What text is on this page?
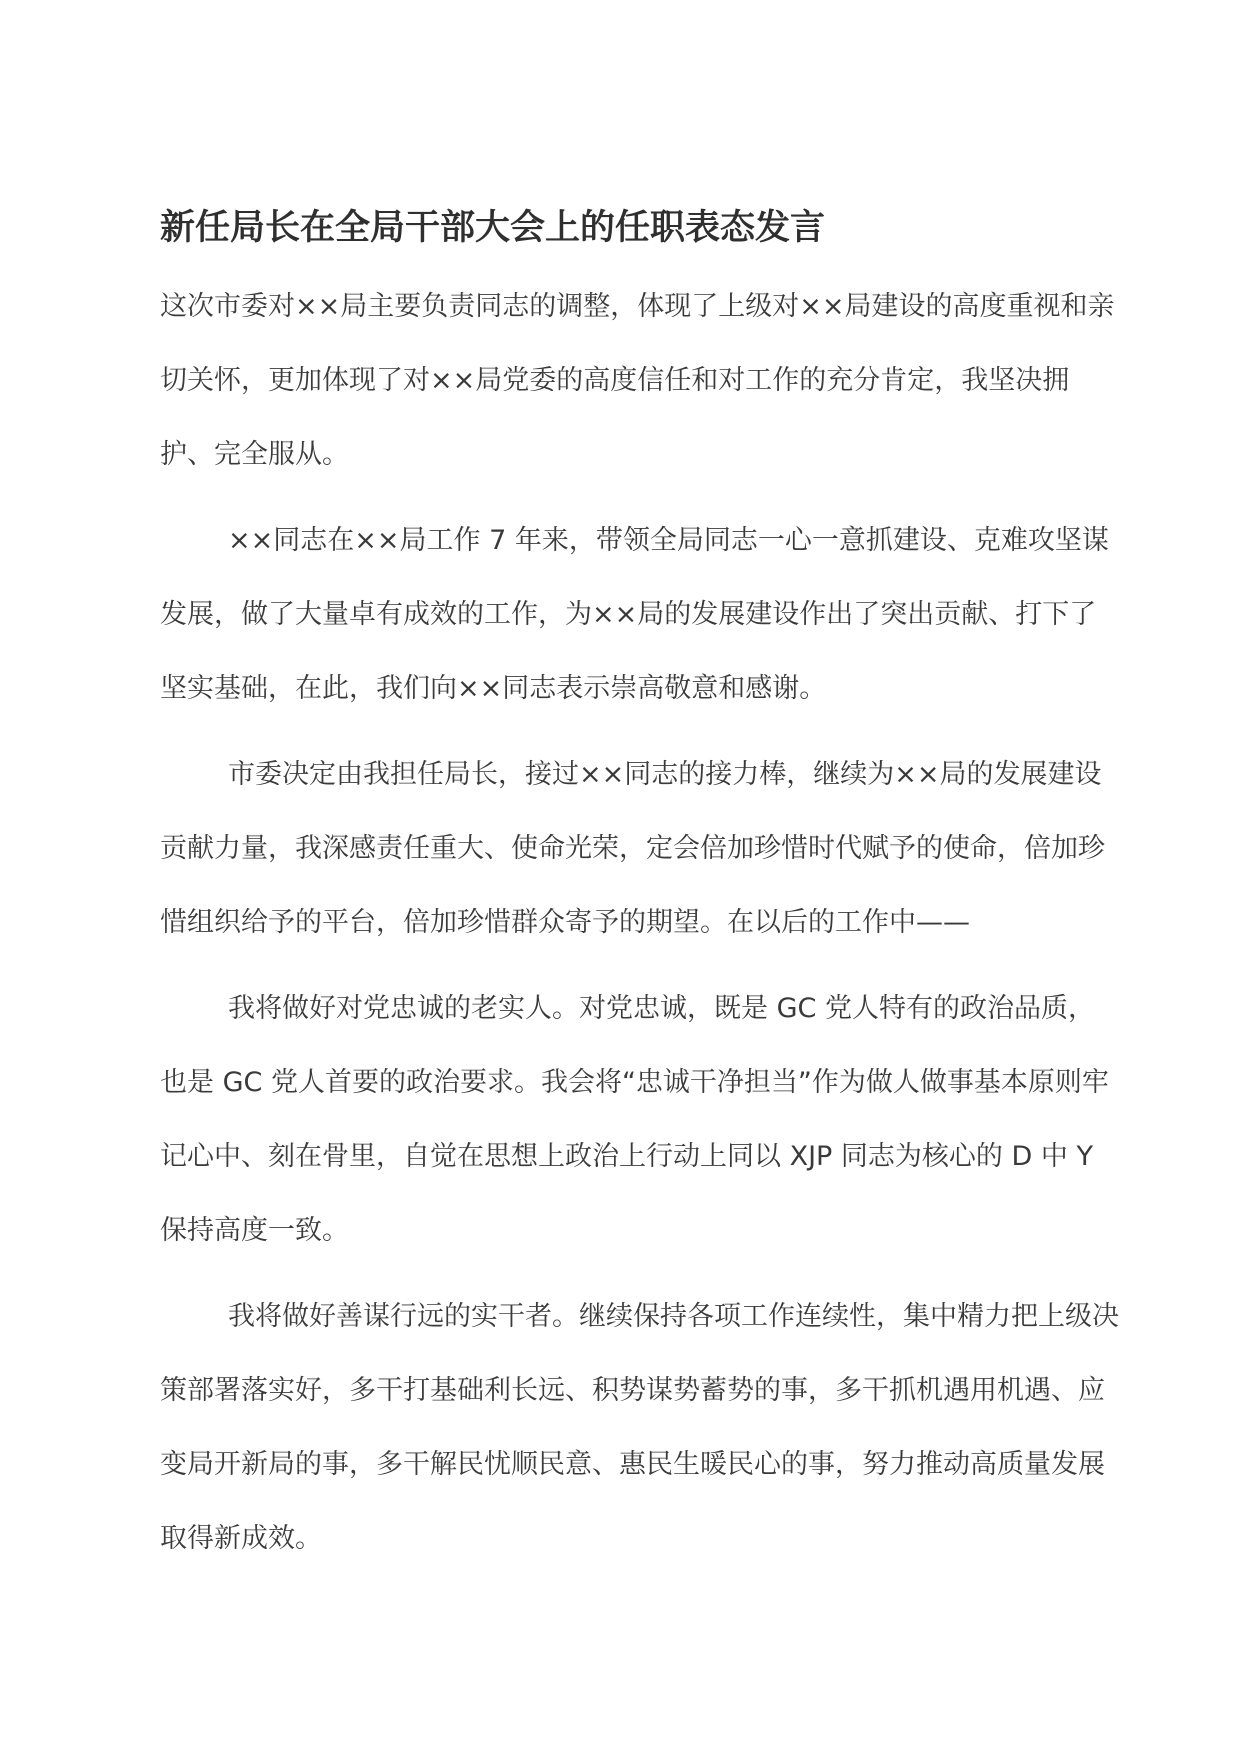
新任局长在全局干部大会上的任职表态发言

这次市委对××局主要负责同志的调整，体现了上级对××局建设的高度重视和亲切关怀，更加体现了对××局党委的高度信任和对工作的充分肯定，我坚决拥护、完全服从。

××同志在××局工作 7 年来，带领全局同志一心一意抓建设、克难攻坚谋发展，做了大量卓有成效的工作，为××局的发展建设作出了突出贡献、打下了坚实基础，在此，我们向××同志表示崇高敬意和感谢。

市委决定由我担任局长，接过××同志的接力棒，继续为××局的发展建设贡献力量，我深感责任重大、使命光荣，定会倍加珍惜时代赋予的使命，倍加珍惜组织给予的平台，倍加珍惜群众寄予的期望。在以后的工作中——

我将做好对党忠诚的老实人。对党忠诚，既是 GC 党人特有的政治品质，也是 GC 党人首要的政治要求。我会将“忠诚干净担当”作为做人做事基本原则牢记心中、刻在骨里，自觉在思想上政治上行动上同以 XJP 同志为核心的 D 中 Y 保持高度一致。

我将做好善谋行远的实干者。继续保持各项工作连续性，集中精力把上级决策部署落实好，多干打基础利长远、积势谋势蓄势的事，多干抓机遇用机遇、应变局开新局的事，多干解民忧顺民意、惠民生暖民心的事，努力推动高质量发展取得新成效。
